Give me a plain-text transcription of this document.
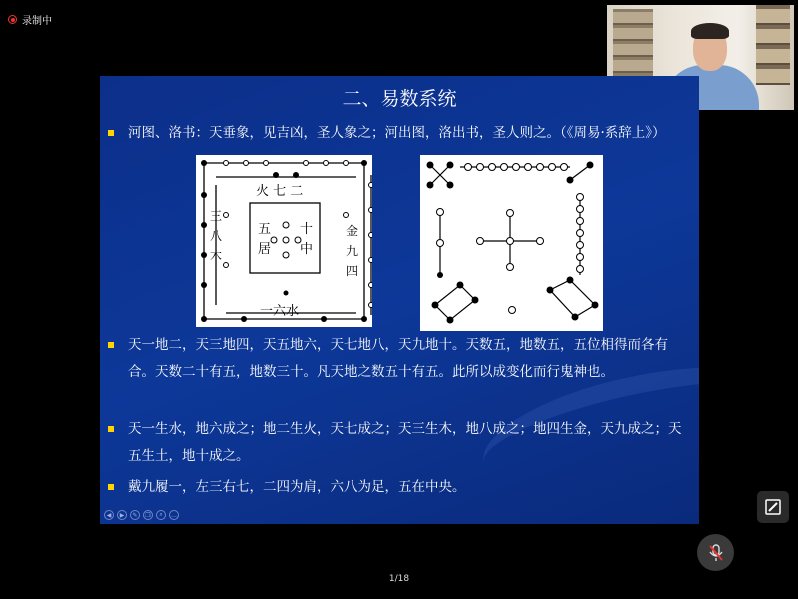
录制中
二、易数系统
河图、洛书：天垂象，见吉凶，圣人象之；河出图，洛出书，圣人则之。（《周易·系辞上》）
火 七 二
五
居
十
中
一六水
三
八
木
金
九
四
天一地二，天三地四，天五地六，天七地八，天九地十。天数五，地数五，五位相得而各有合。天数二十有五，地数三十。凡天地之数五十有五。此所以成变化而行鬼神也。
天一生水，地六成之；地二生火，天七成之；天三生木，地八成之；地四生金，天九成之；天五生土，地十成之。
戴九履一，左三右七，二四为肩，六八为足，五在中央。
◀	▶	✎	❐	⌕	…
1/18
